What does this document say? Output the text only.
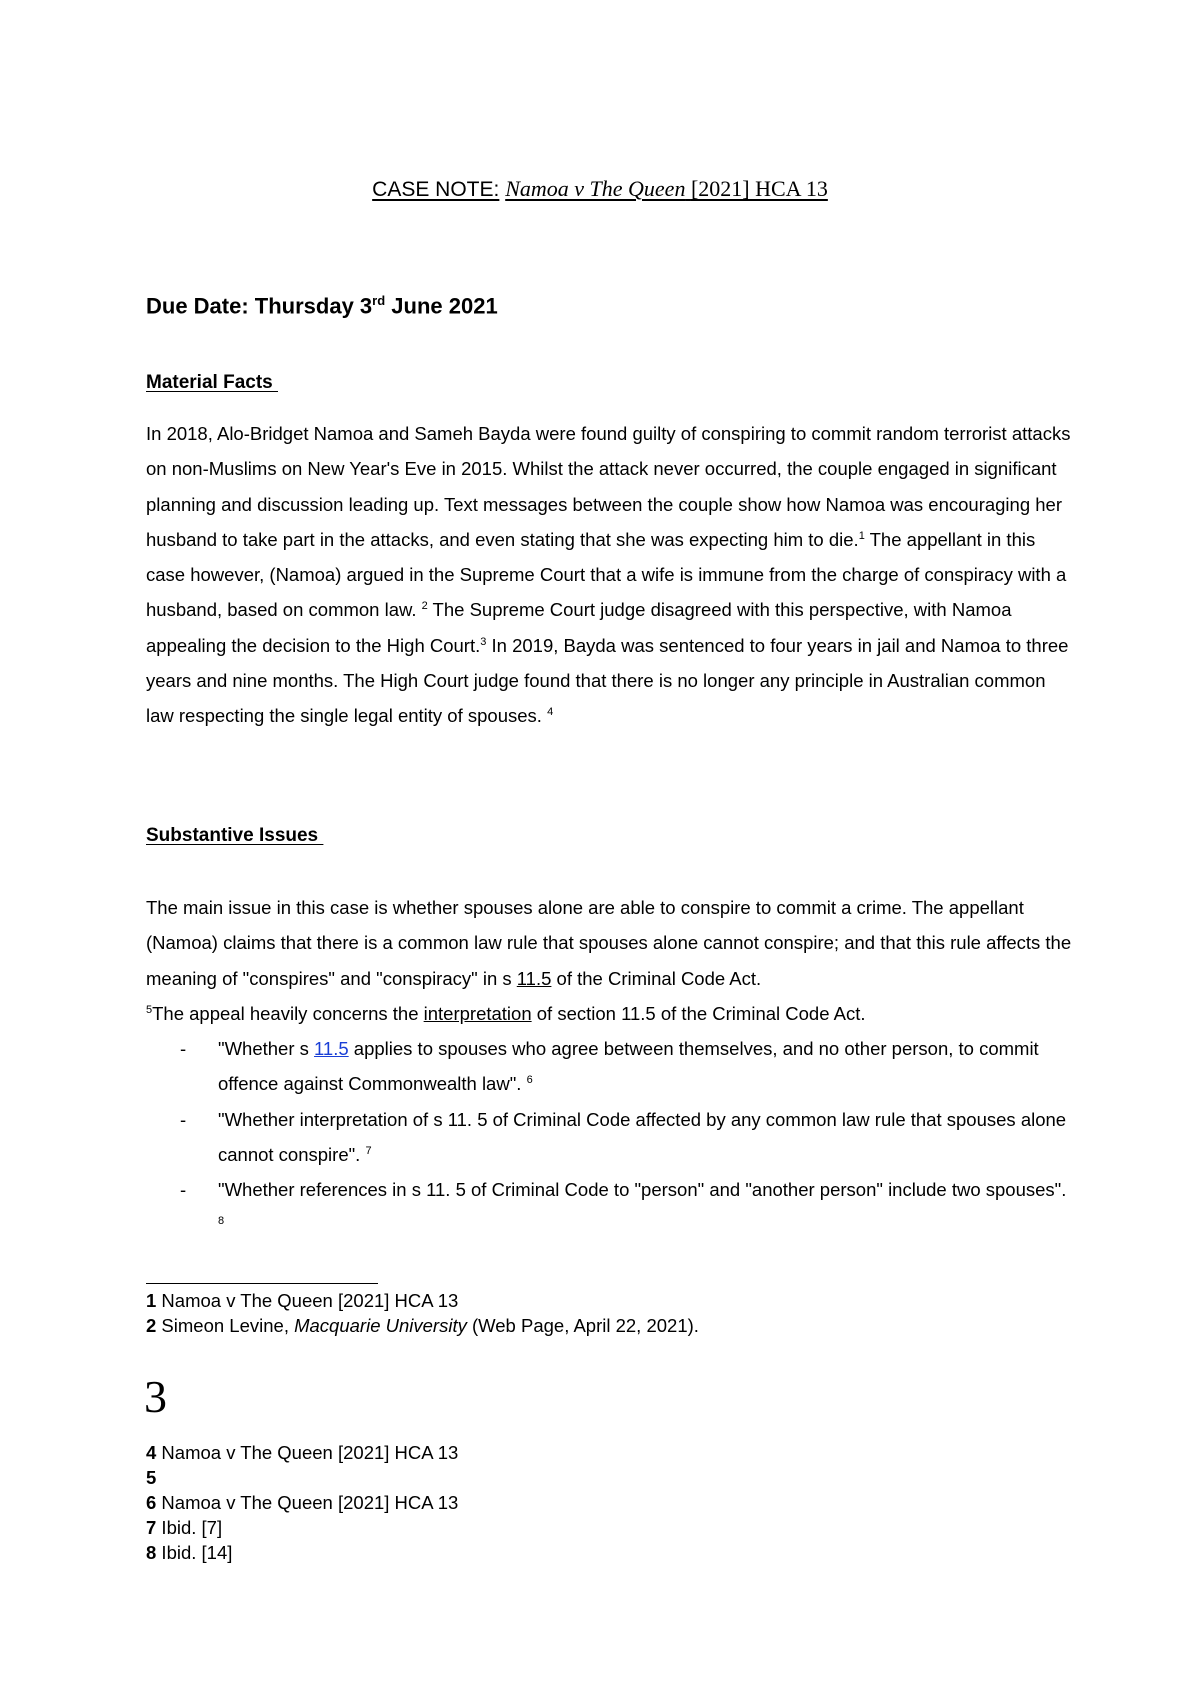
CASE NOTE: Namoa v The Queen [2021] HCA 13
Due Date: Thursday 3rd June 2021
Material Facts
In 2018, Alo-Bridget Namoa and Sameh Bayda were found guilty of conspiring to commit random terrorist attacks on non-Muslims on New Year's Eve in 2015. Whilst the attack never occurred, the couple engaged in significant planning and discussion leading up. Text messages between the couple show how Namoa was encouraging her husband to take part in the attacks, and even stating that she was expecting him to die.$^1$ The appellant in this case however, (Namoa) argued in the Supreme Court that a wife is immune from the charge of conspiracy with a husband, based on common law. $^2$ The Supreme Court judge disagreed with this perspective, with Namoa appealing the decision to the High Court.$^3$ In 2019, Bayda was sentenced to four years in jail and Namoa to three years and nine months. The High Court judge found that there is no longer any principle in Australian common law respecting the single legal entity of spouses. $^4$
Substantive Issues
The main issue in this case is whether spouses alone are able to conspire to commit a crime. The appellant (Namoa) claims that there is a common law rule that spouses alone cannot conspire; and that this rule affects the meaning of "conspires" and "conspiracy" in s 11.5 of the Criminal Code Act.
$^5$The appeal heavily concerns the interpretation of section 11.5 of the Criminal Code Act.
- "Whether s 11.5 applies to spouses who agree between themselves, and no other person, to commit offence against Commonwealth law". $^6$
- "Whether interpretation of s 11. 5 of Criminal Code affected by any common law rule that spouses alone cannot conspire". $^7$
- "Whether references in s 11. 5 of Criminal Code to "person" and "another person" include two spouses". $^8$
1 Namoa v The Queen [2021] HCA 13
2 Simeon Levine, Macquarie University (Web Page, April 22, 2021).
3
4 Namoa v The Queen [2021] HCA 13
5
6 Namoa v The Queen [2021] HCA 13
7 Ibid. [7]
8 Ibid. [14]
